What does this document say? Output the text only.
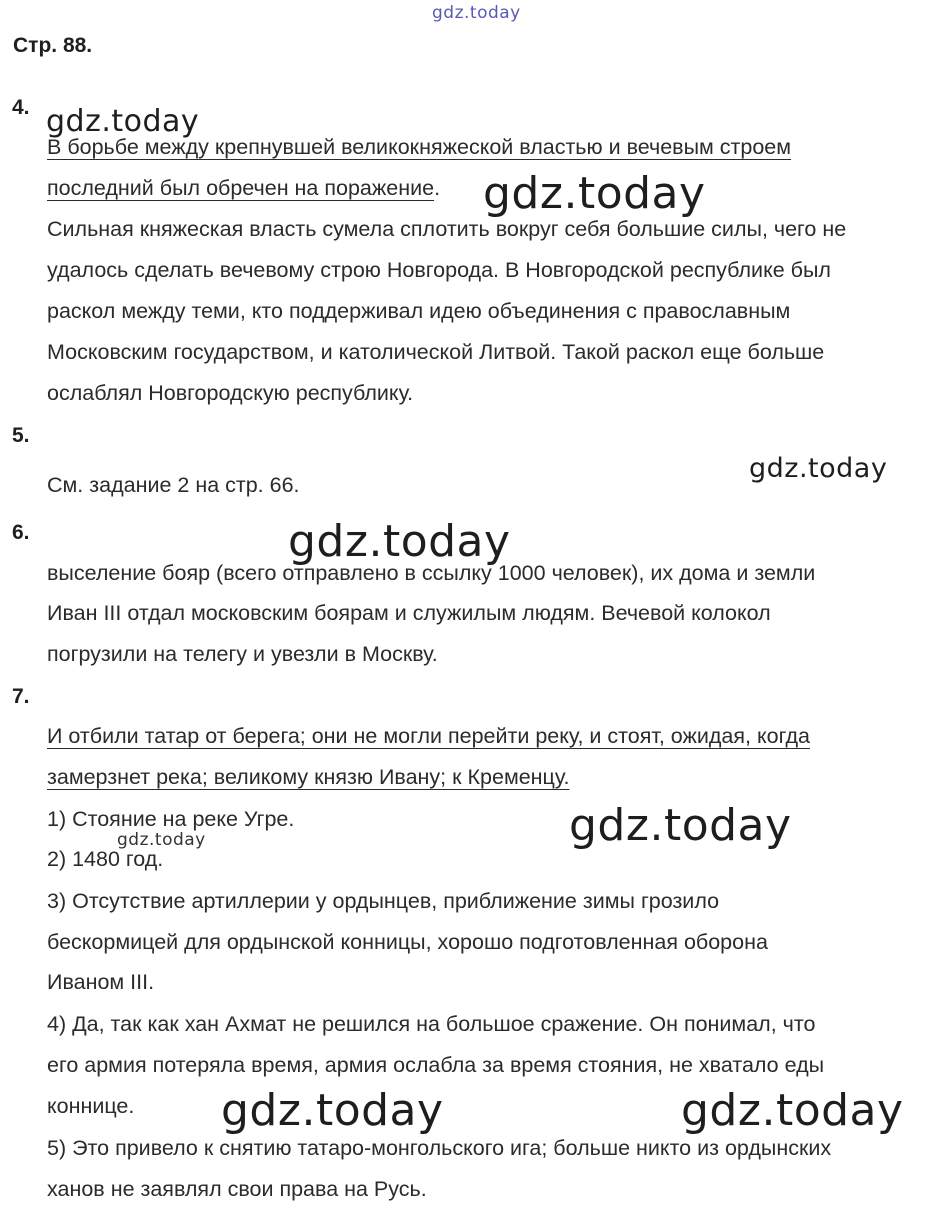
gdz.today
gdz.today
gdz.today
gdz.today
gdz.today
gdz.today
gdz.today
gdz.today	gdz.today
Стр. 88.
4.
В борьбе между крепнувшей великокняжеской властью и вечевым строем
последний был обречен на поражение.
Сильная княжеская власть сумела сплотить вокруг себя большие силы, чего не
удалось сделать вечевому строю Новгорода. В Новгородской республике был
раскол между теми, кто поддерживал идею объединения с православным
Московским государством, и католической Литвой. Такой раскол еще больше
ослаблял Новгородскую республику.
5.
См. задание 2 на стр. 66.
6.
выселение бояр (всего отправлено в ссылку 1000 человек), их дома и земли
Иван III отдал московским боярам и служилым людям. Вечевой колокол
погрузили на телегу и увезли в Москву.
7.
И отбили татар от берега; они не могли перейти реку, и стоят, ожидая, когда
замерзнет река; великому князю Ивану; к Кременцу.
1) Стояние на реке Угре.
2) 1480 год.
3) Отсутствие артиллерии у ордынцев, приближение зимы грозило
бескормицей для ордынской конницы, хорошо подготовленная оборона
Иваном III.
4) Да, так как хан Ахмат не решился на большое сражение. Он понимал, что
его армия потеряла время, армия ослабла за время стояния, не хватало еды
коннице.
5) Это привело к снятию татаро-монгольского ига; больше никто из ордынских
ханов не заявлял свои права на Русь.
